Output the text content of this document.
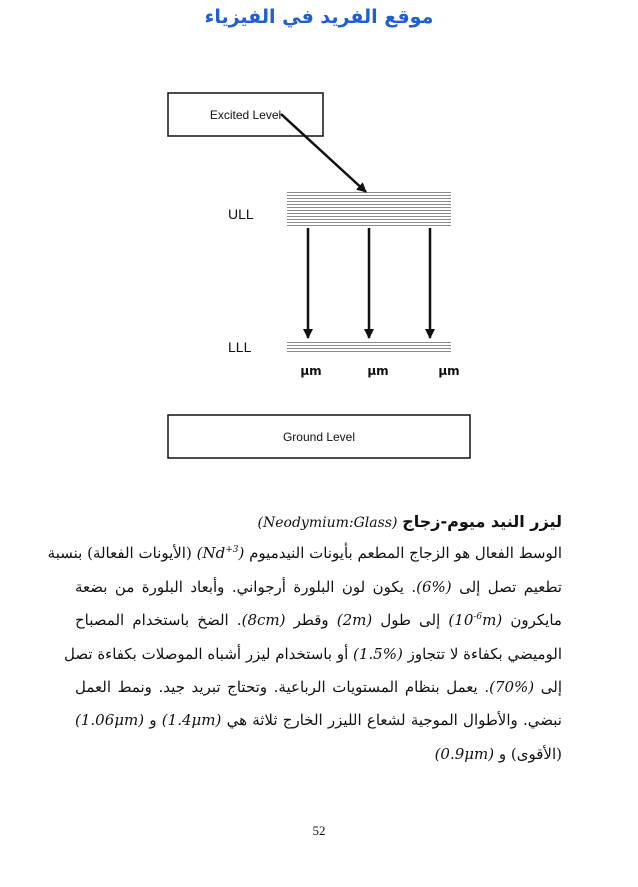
موقع الفريد في الفيزياء
Excited Level
ULL
LLL
μm	μm	μm
Ground Level
ليزر النيد ميوم-زجاج (Neodymium:Glass)
الوسط الفعال هو الزجاج المطعم بأيونات النيدميوم $(Nd^{+3})$ (الأيونات الفعالة) بنسبة
تطعيم تصل إلى (6%). يكون لون البلورة أرجواني. وأبعاد البلورة من بضعة
مايكرون $(10^{-6}m)$ إلى طول (2m) وقطر (8cm). الضخ باستخدام المصباح
الوميضي بكفاءة لا تتجاوز (1.5%) أو باستخدام ليزر أشباه الموصلات بكفاءة تصل
إلى (70%). يعمل بنظام المستويات الرباعية. وتحتاج تبريد جيد. ونمط العمل
نبضي. والأطوال الموجية لشعاع الليزر الخارج ثلاثة هي (1.4μm) و (1.06μm)
(الأقوى) و (0.9μm)
52
